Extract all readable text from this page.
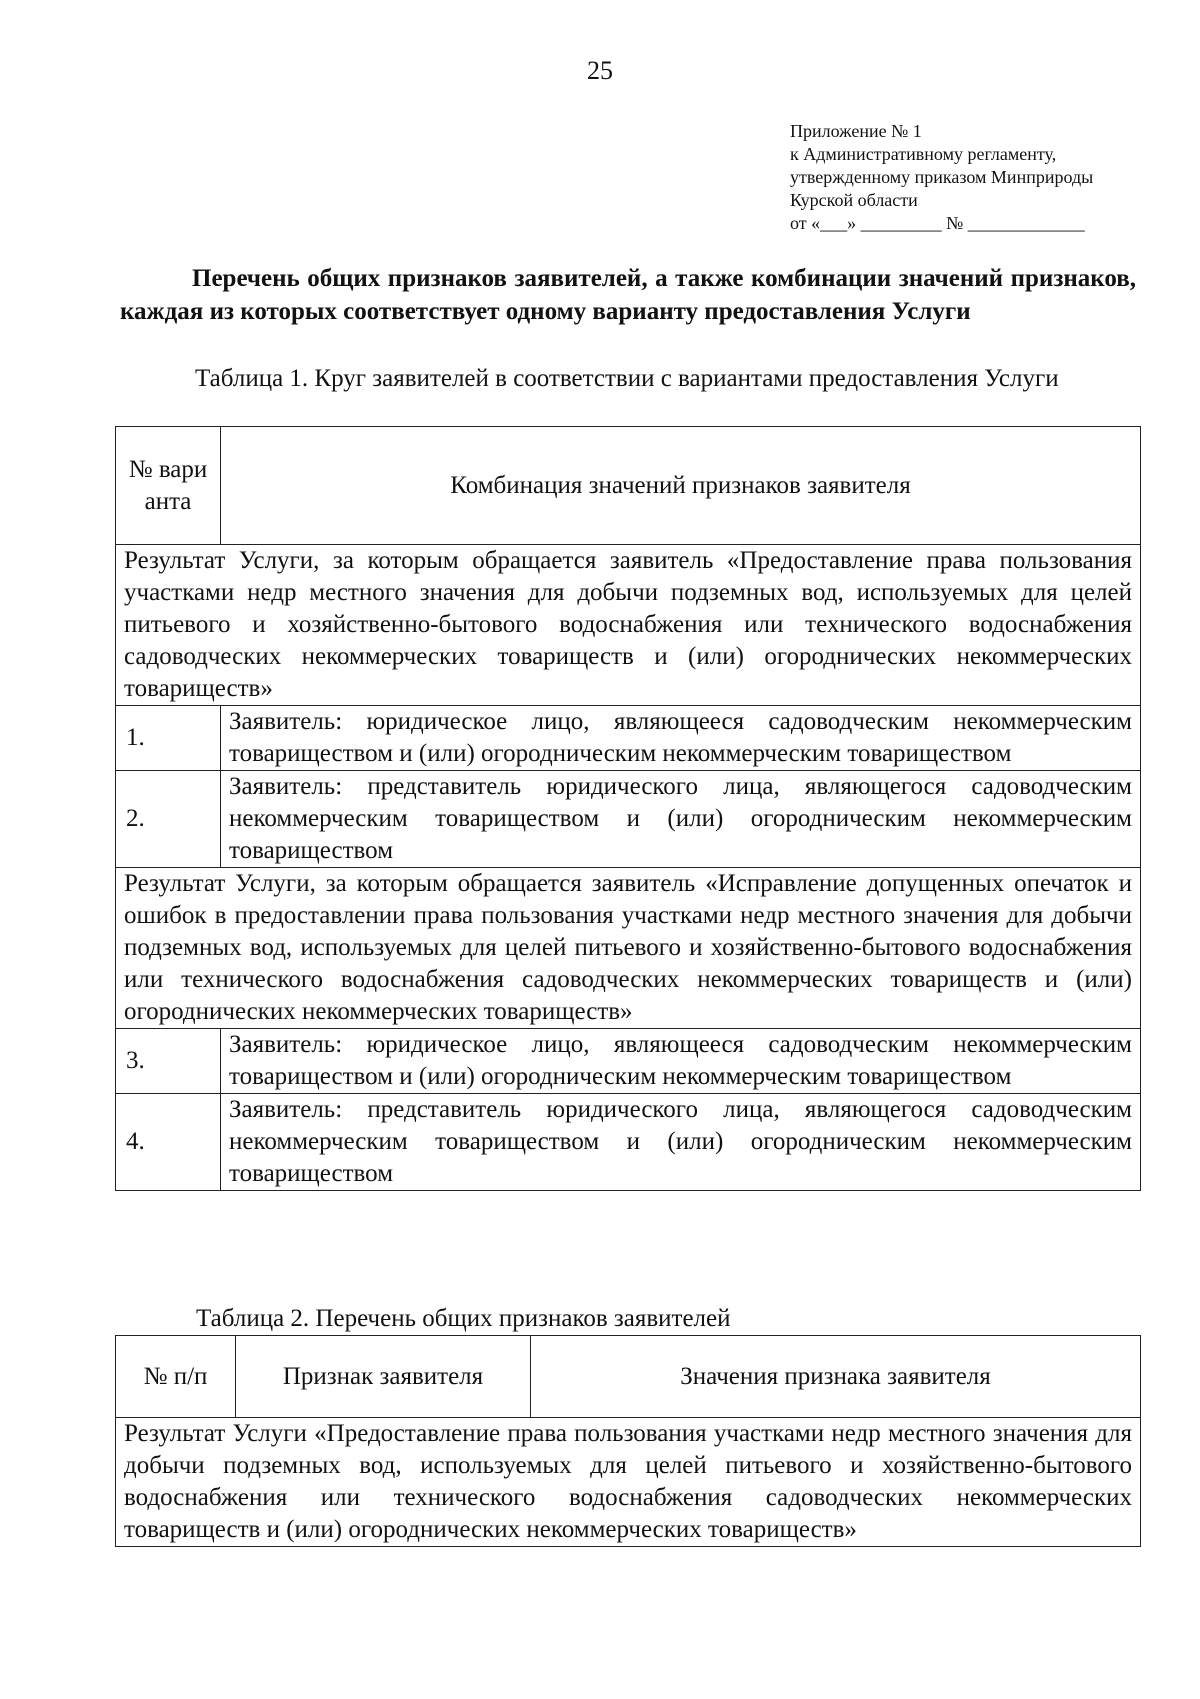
25
Приложение № 1
к Административному регламенту,
утвержденному приказом Минприроды
Курской области
от «___» _________ № _____________
Перечень общих признаков заявителей, а также комбинации значений признаков, каждая из которых соответствует одному варианту предоставления Услуги
Таблица 1. Круг заявителей в соответствии с вариантами предоставления Услуги
№ варианта	Комбинация значений признаков заявителя
Результат Услуги, за которым обращается заявитель «Предоставление права пользования участками недр местного значения для добычи подземных вод, используемых для целей питьевого и хозяйственно-бытового водоснабжения или технического водоснабжения садоводческих некоммерческих товариществ и (или) огороднических некоммерческих товариществ»	
1.	Заявитель: юридическое лицо, являющееся садоводческим некоммерческим товариществом и (или) огородническим некоммерческим товариществом
2.	Заявитель: представитель юридического лица, являющегося садоводческим некоммерческим товариществом и (или) огородническим некоммерческим товариществом
Результат Услуги, за которым обращается заявитель «Исправление допущенных опечаток и ошибок в предоставлении права пользования участками недр местного значения для добычи подземных вод, используемых для целей питьевого и хозяйственно-бытового водоснабжения или технического водоснабжения садоводческих некоммерческих товариществ и (или) огороднических некоммерческих товариществ»	
3.	Заявитель: юридическое лицо, являющееся садоводческим некоммерческим товариществом и (или) огородническим некоммерческим товариществом
4.	Заявитель: представитель юридического лица, являющегося садоводческим некоммерческим товариществом и (или) огородническим некоммерческим товариществом
Таблица 2. Перечень общих признаков заявителей
№ п/п	Признак заявителя	Значения признака заявителя
Результат Услуги «Предоставление права пользования участками недр местного значения для добычи подземных вод, используемых для целей питьевого и хозяйственно-бытового водоснабжения или технического водоснабжения садоводческих некоммерческих товариществ и (или) огороднических некоммерческих товариществ»
